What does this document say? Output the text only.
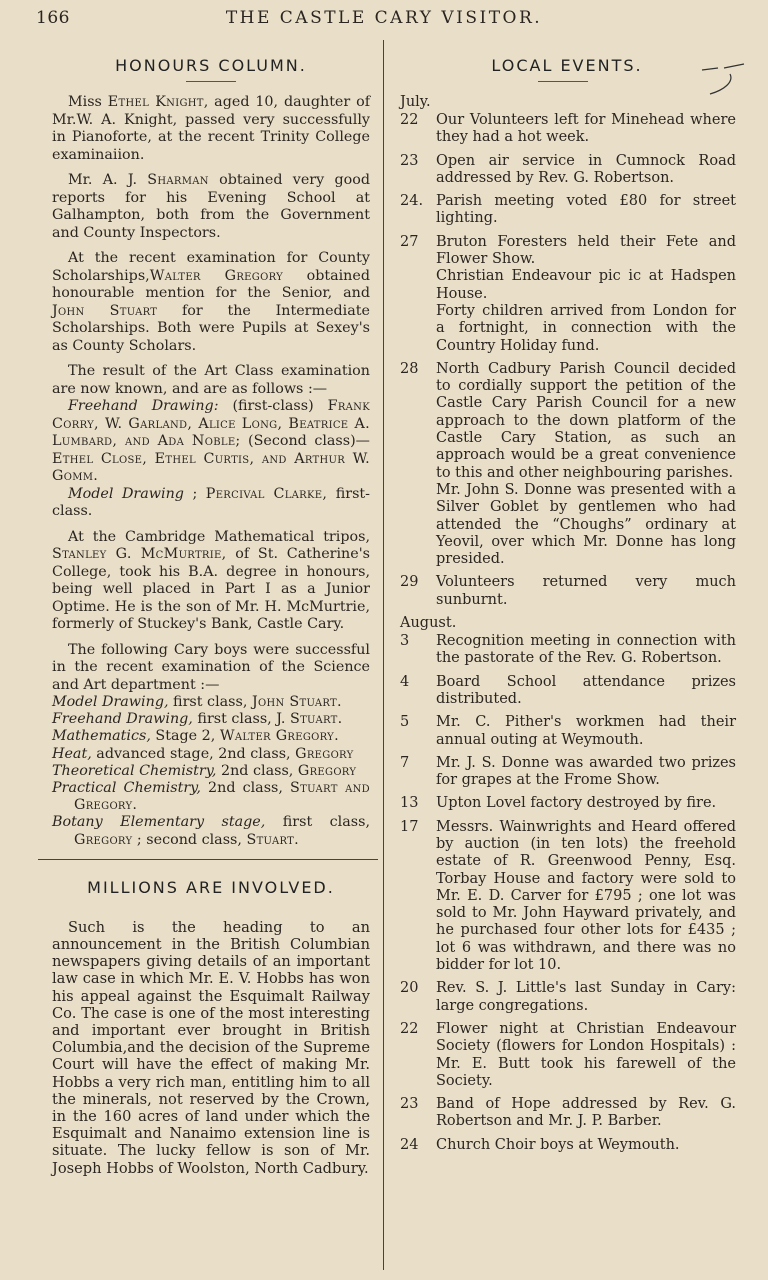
166	THE CASTLE CARY VISITOR.
HONOURS COLUMN.

Miss Ethel Knight, aged 10, daughter of Mr.W. A. Knight, passed very successfully in Pianoforte, at the recent Trinity College examinaiion.

Mr. A. J. Sharman obtained very good reports for his Evening School at Galhampton, both from the Government and County Inspectors.

At the recent examination for County Scholarships,Walter Gregory obtained honourable mention for the Senior, and John Stuart for the Intermediate Scholarships. Both were Pupils at Sexey's as County Scholars.

The result of the Art Class examination are now known, and are as follows :—

Freehand Drawing: (first-class) Frank Corry, W. Garland, Alice Long, Beatrice A. Lumbard, and Ada Noble; (Second class)—Ethel Close, Ethel Curtis, and Arthur W. Gomm.

Model Drawing ; Percival Clarke, first-class.

At the Cambridge Mathematical tripos, Stanley G. McMurtrie, of St. Catherine's College, took his B.A. degree in honours, being well placed in Part I as a Junior Optime. He is the son of Mr. H. McMurtrie, formerly of Stuckey's Bank, Castle Cary.

The following Cary boys were successful in the recent examination of the Science and Art department :—

Model Drawing, first class, John Stuart.

Freehand Drawing, first class, J. Stuart.

Mathematics, Stage 2, Walter Gregory.

Heat, advanced stage, 2nd class, Gregory

Theoretical Chemistry, 2nd class, Gregory

Practical Chemistry, 2nd class, Stuart and Gregory.

Botany Elementary stage, first class, Gregory ; second class, Stuart.

MILLIONS ARE INVOLVED.

Such is the heading to an announcement in the British Columbian newspapers giving details of an important law case in which Mr. E. V. Hobbs has won his appeal against the Esquimalt Railway Co. The case is one of the most interesting and important ever brought in British Columbia,and the decision of the Supreme Court will have the effect of making Mr. Hobbs a very rich man, entitling him to all the minerals, not reserved by the Crown, in the 160 acres of land under which the Esquimalt and Nanaimo extension line is situate. The lucky fellow is son of Mr. Joseph Hobbs of Woolston, North Cadbury.

LOCAL EVENTS.
July.
22	Our Volunteers left for Minehead where they had a hot week.
23	Open air service in Cumnock Road addressed by Rev. G. Robertson.
24. Parish meeting voted £80 for street lighting.
27	Bruton Foresters held their Fete and Flower Show.
Christian Endeavour pic ic at Hadspen House.
Forty children arrived from London for a fortnight, in connection with the Country Holiday fund.
28	North Cadbury Parish Council decided to cordially support the petition of the Castle Cary Parish Council for a new approach to the down platform of the Castle Cary Station, as such an approach would be a great convenience to this and other neighbouring parishes.
Mr. John S. Donne was presented with a Silver Goblet by gentlemen who had attended the “Choughs” ordinary at Yeovil, over which Mr. Donne has long presided.
29	Volunteers returned very much sunburnt.
August.
3	Recognition meeting in connection with the pastorate of the Rev. G. Robertson.
4	Board School attendance prizes distributed.
5	Mr. C. Pither's workmen had their annual outing at Weymouth.
7	Mr. J. S. Donne was awarded two prizes for grapes at the Frome Show.
13	Upton Lovel factory destroyed by fire.
17	Messrs. Wainwrights and Heard offered by auction (in ten lots) the freehold estate of R. Greenwood Penny, Esq. Torbay House and factory were sold to Mr. E. D. Carver for £795 ; one lot was sold to Mr. John Hayward privately, and he purchased four other lots for £435 ; lot 6 was withdrawn, and there was no bidder for lot 10.
20	Rev. S. J. Little's last Sunday in Cary: large congregations.
22	Flower night at Christian Endeavour Society (flowers for London Hospitals) : Mr. E. Butt took his farewell of the Society.
23	Band of Hope addressed by Rev. G. Robertson and Mr. J. P. Barber.
24	Church Choir boys at Weymouth.
